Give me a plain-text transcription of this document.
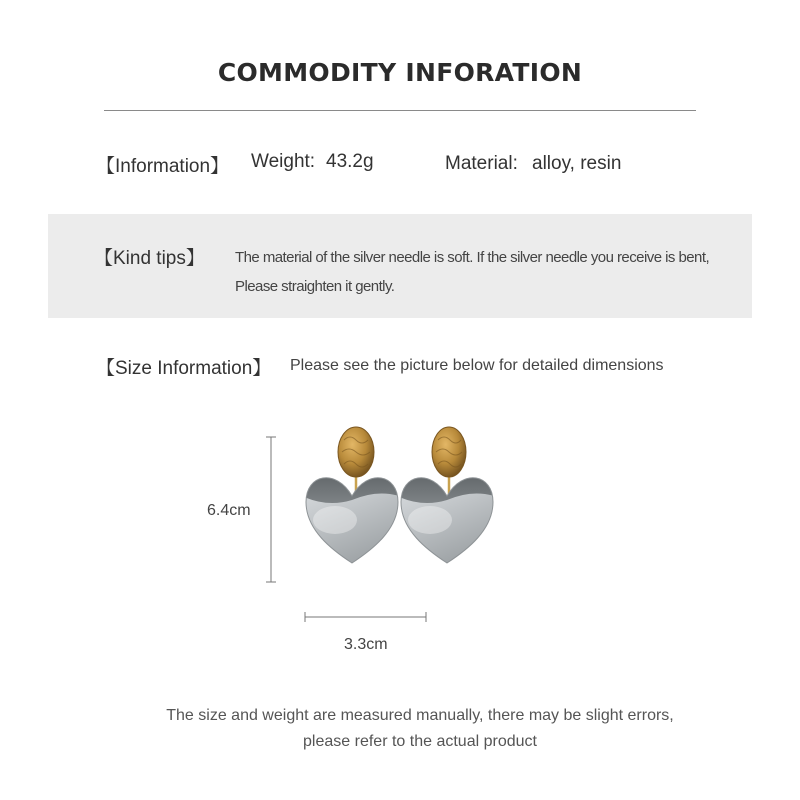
COMMODITY INFORATION
【Information】 Weight: 43.2g	Material: alloy, resin
【Kind tips】 The material of the silver needle is soft. If the silver needle you receive is bent,
Please straighten it gently.
【Size Information】 Please see the picture below for detailed dimensions
6.4cm
3.3cm
The size and weight are measured manually, there may be slight errors,
please refer to the actual product
